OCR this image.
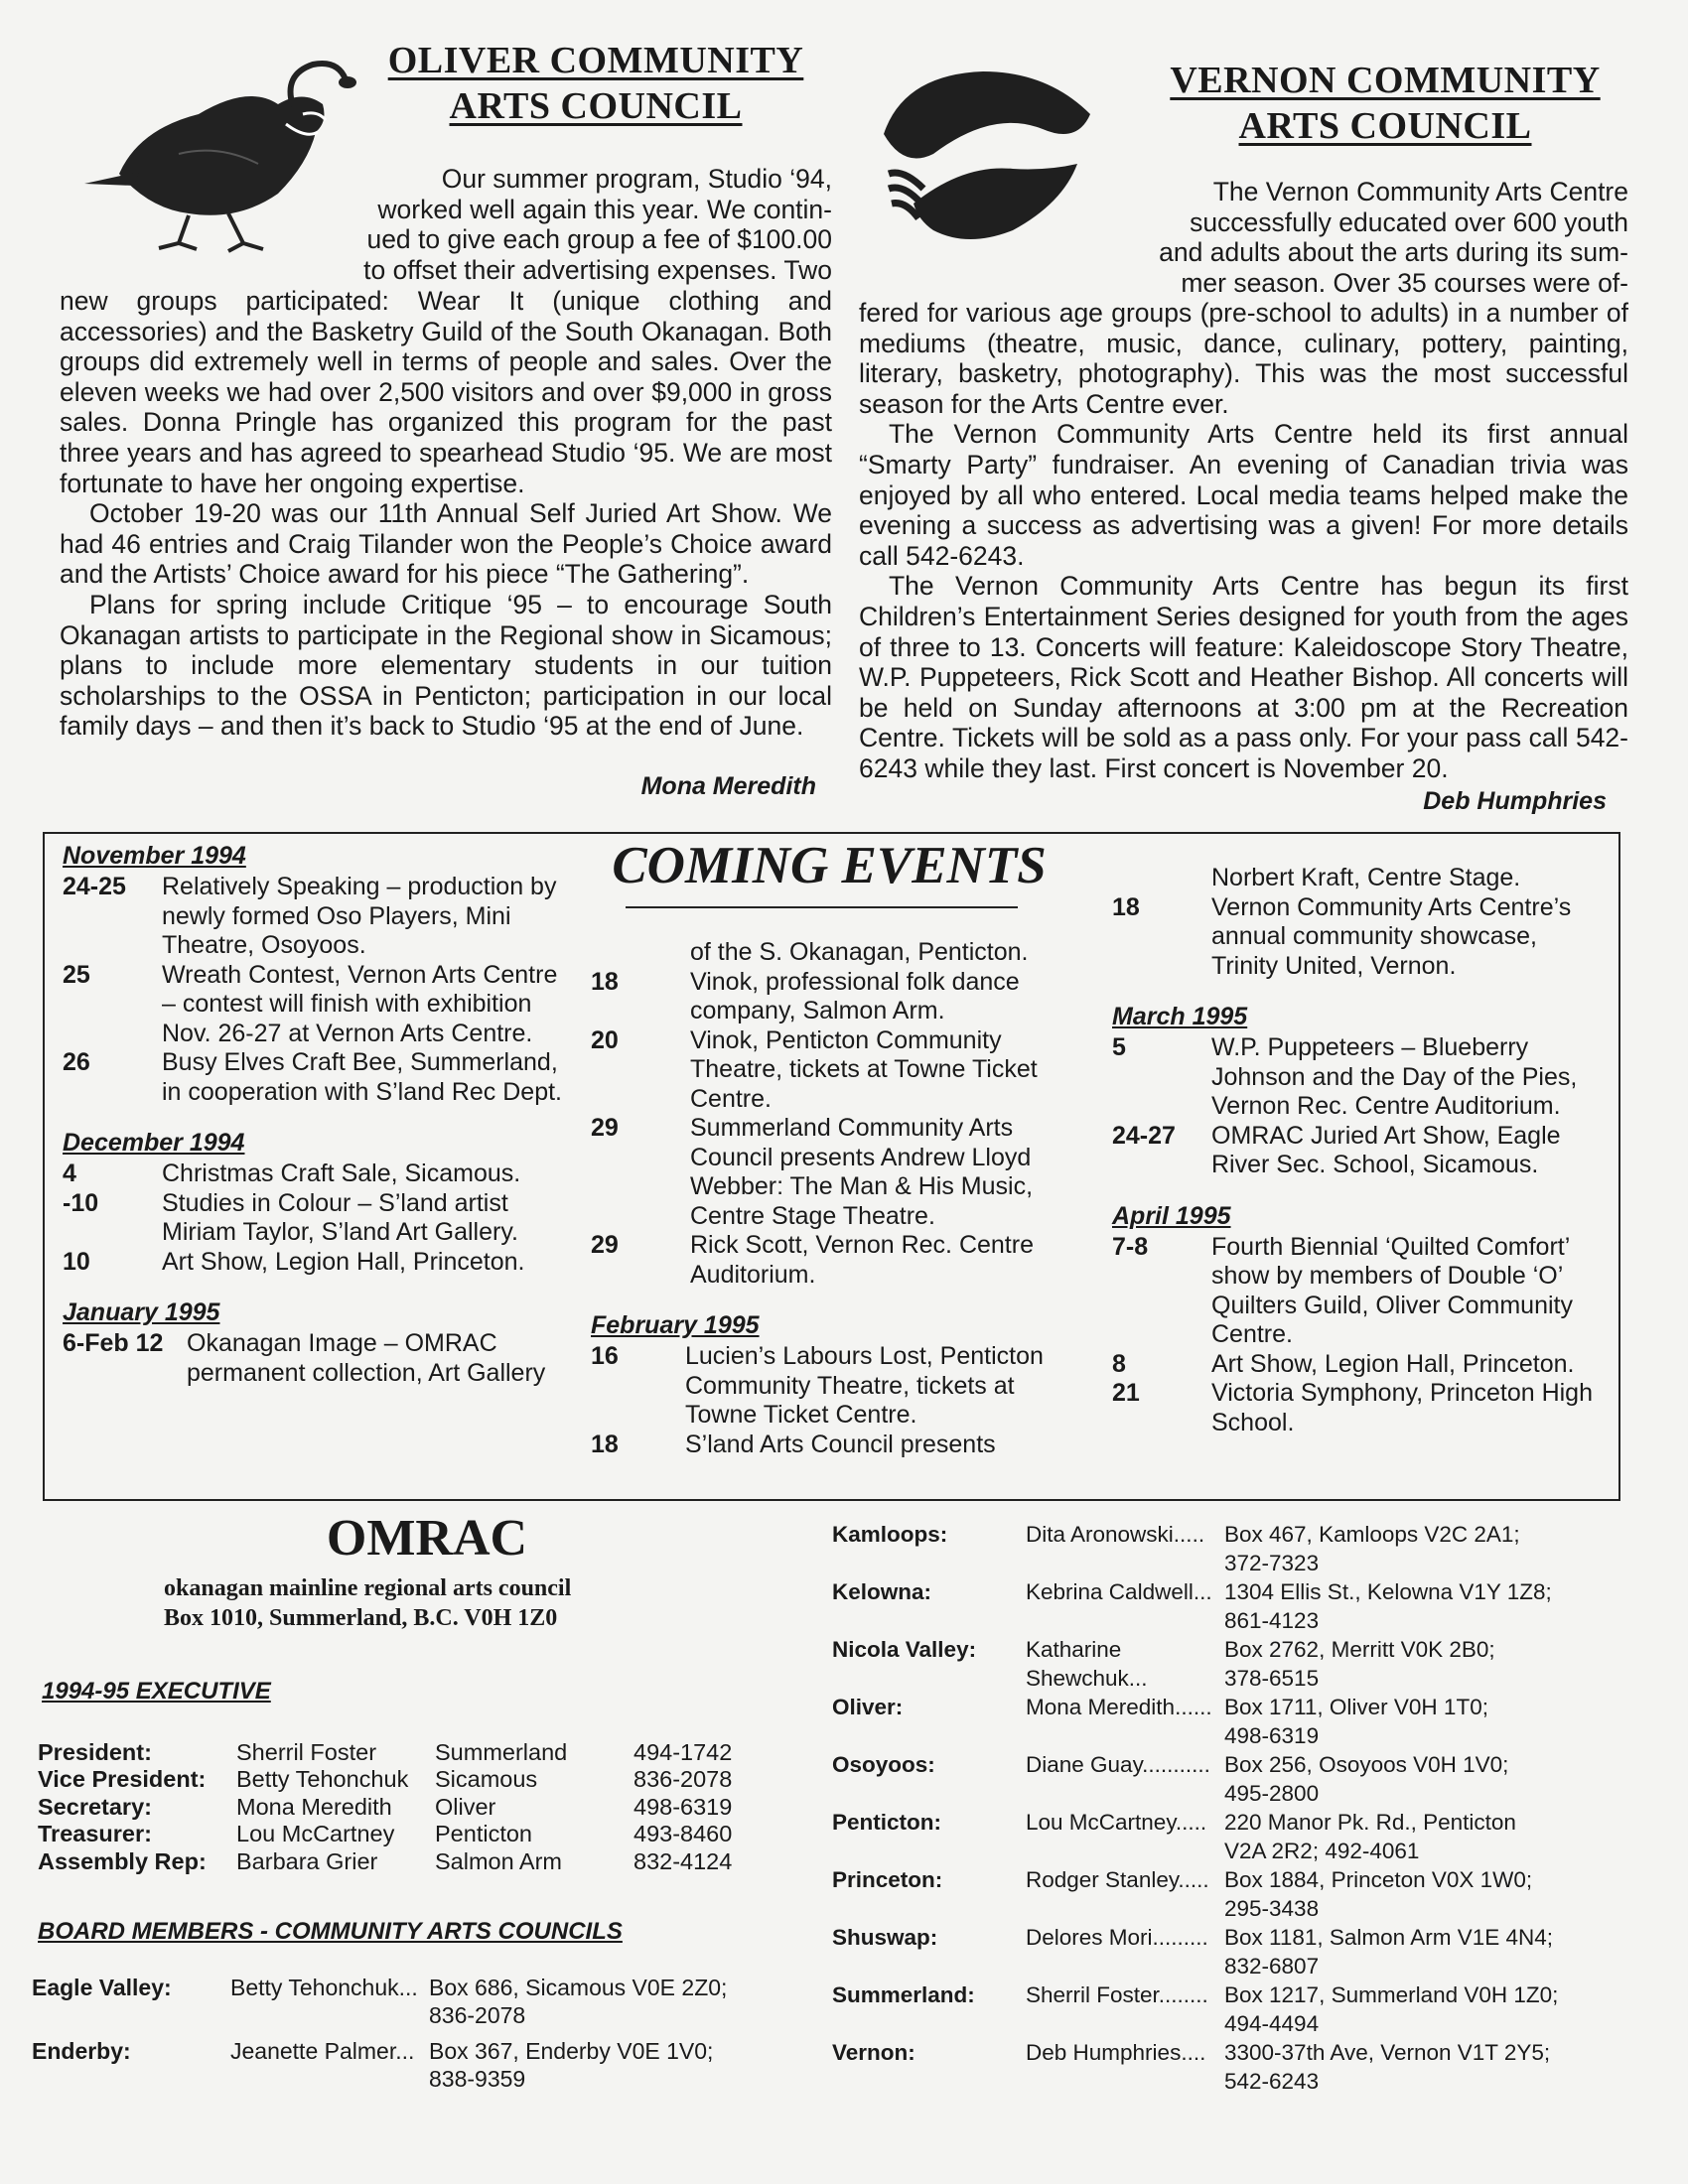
OLIVER COMMUNITY
ARTS COUNCIL
Our summer program, Studio ‘94,
worked well again this year. We contin-
ued to give each group a fee of $100.00
to offset their advertising expenses. Two
new groups participated: Wear It (unique clothing and accessories) and the Basketry Guild of the South Okanagan. Both groups did extremely well in terms of people and sales. Over the eleven weeks we had over 2,500 visitors and over $9,000 in gross sales. Donna Pringle has organized this program for the past three years and has agreed to spearhead Studio ‘95. We are most fortunate to have her ongoing expertise.

October 19-20 was our 11th Annual Self Juried Art Show. We had 46 entries and Craig Tilander won the People’s Choice award and the Artists’ Choice award for his piece “The Gathering”.

Plans for spring include Critique ‘95 – to encourage South Okanagan artists to participate in the Regional show in Sicamous; plans to include more elementary students in our tuition scholarships to the OSSA in Penticton; participation in our local family days – and then it’s back to Studio ‘95 at the end of June.

Mona Meredith
VERNON COMMUNITY
ARTS COUNCIL
The Vernon Community Arts Centre
successfully educated over 600 youth
and adults about the arts during its sum-
mer season. Over 35 courses were of-
fered for various age groups (pre-school to adults) in a number of mediums (theatre, music, dance, culinary, pottery, painting, literary, basketry, photography). This was the most successful season for the Arts Centre ever.

The Vernon Community Arts Centre held its first annual “Smarty Party” fundraiser. An evening of Canadian trivia was enjoyed by all who entered. Local media teams helped make the evening a success as advertising was a given! For more details call 542-6243.

The Vernon Community Arts Centre has begun its first Children’s Entertainment Series designed for youth from the ages of three to 13. Concerts will feature: Kaleidoscope Story Theatre, W.P. Puppeteers, Rick Scott and Heather Bishop. All concerts will be held on Sunday afternoons at 3:00 pm at the Recreation Centre. Tickets will be sold as a pass only. For your pass call 542-6243 while they last. First concert is November 20.

Deb Humphries
COMING EVENTS
November 1994
24-25	Relatively Speaking – production by newly formed Oso Players, Mini Theatre, Osoyoos.
25	Wreath Contest, Vernon Arts Centre – contest will finish with exhibition Nov. 26-27 at Vernon Arts Centre.
26	Busy Elves Craft Bee, Summerland, in cooperation with S’land Rec Dept.
December 1994
4	Christmas Craft Sale, Sicamous.
-10	Studies in Colour – S’land artist Miriam Taylor, S’land Art Gallery.
10	Art Show, Legion Hall, Princeton.
January 1995
6-Feb 12 Okanagan Image – OMRAC permanent collection, Art Gallery
of the S. Okanagan, Penticton.
18	Vinok, professional folk dance company, Salmon Arm.
20	Vinok, Penticton Community Theatre, tickets at Towne Ticket Centre.
29	Summerland Community Arts Council presents Andrew Lloyd Webber: The Man & His Music, Centre Stage Theatre.
29	Rick Scott, Vernon Rec. Centre Auditorium.
February 1995
16	Lucien’s Labours Lost, Penticton Community Theatre, tickets at Towne Ticket Centre.
18	S’land Arts Council presents
Norbert Kraft, Centre Stage.
18	Vernon Community Arts Centre’s annual community showcase, Trinity United, Vernon.
March 1995
5	W.P. Puppeteers – Blueberry Johnson and the Day of the Pies, Vernon Rec. Centre Auditorium.
24-27	OMRAC Juried Art Show, Eagle River Sec. School, Sicamous.
April 1995
7-8	Fourth Biennial ‘Quilted Comfort’ show by members of Double ‘O’ Quilters Guild, Oliver Community Centre.
8	Art Show, Legion Hall, Princeton.
21	Victoria Symphony, Princeton High School.
OMRAC
okanagan mainline regional arts council
Box 1010, Summerland, B.C. V0H 1Z0
1994-95 EXECUTIVE
President:	Sherril Foster	Summerland	494-1742
Vice President:	Betty Tehonchuk	Sicamous	836-2078
Secretary:	Mona Meredith	Oliver	498-6319
Treasurer:	Lou McCartney	Penticton	493-8460
Assembly Rep:	Barbara Grier	Salmon Arm	832-4124
BOARD MEMBERS - COMMUNITY ARTS COUNCILS
Eagle Valley:	Betty Tehonchuk... Box 686, Sicamous V0E 2Z0;
836-2078
Enderby:	Jeanette Palmer... Box 367, Enderby V0E 1V0;
838-9359
Kamloops:	Dita Aronowski..... Box 467, Kamloops V2C 2A1;
372-7323
Kelowna:	Kebrina Caldwell... 1304 Ellis St., Kelowna V1Y 1Z8;
861-4123
Nicola Valley:	Katharine Shewchuk...
Box 2762, Merritt V0K 2B0;
378-6515
Oliver:	Mona Meredith...... Box 1711, Oliver V0H 1T0;
498-6319
Osoyoos:	Diane Guay........... Box 256, Osoyoos V0H 1V0;
495-2800
Penticton:	Lou McCartney..... 220 Manor Pk. Rd., Penticton
V2A 2R2; 492-4061
Princeton:	Rodger Stanley..... Box 1884, Princeton V0X 1W0;
295-3438
Shuswap:	Delores Mori......... Box 1181, Salmon Arm V1E 4N4;
832-6807
Summerland:	Sherril Foster........ Box 1217, Summerland V0H 1Z0;
494-4494
Vernon:	Deb Humphries.... 3300-37th Ave, Vernon V1T 2Y5;
542-6243
